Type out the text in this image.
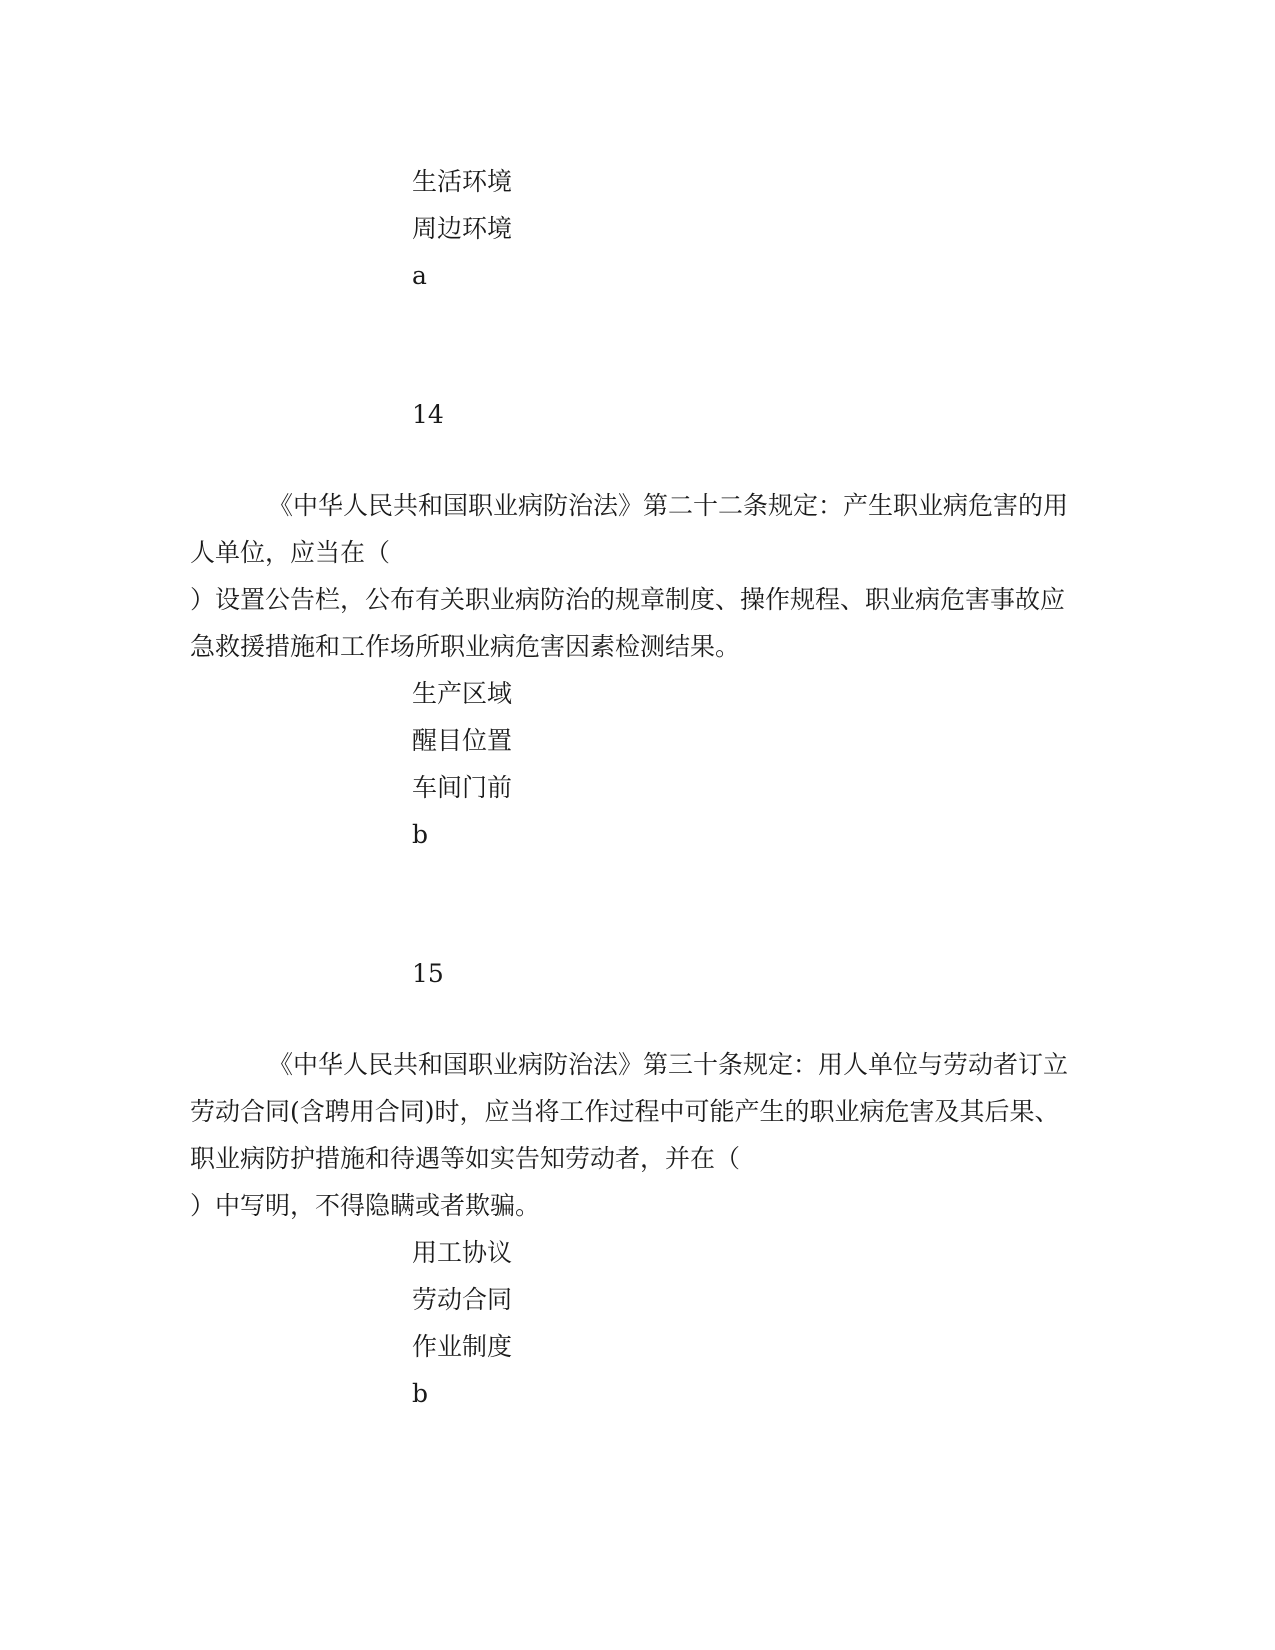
生活环境
周边环境
a
14
《中华人民共和国职业病防治法》第二十二条规定：产生职业病危害的用
人单位，应当在（
）设置公告栏，公布有关职业病防治的规章制度、操作规程、职业病危害事故应
急救援措施和工作场所职业病危害因素检测结果。
生产区域
醒目位置
车间门前
b
15
《中华人民共和国职业病防治法》第三十条规定：用人单位与劳动者订立
劳动合同(含聘用合同)时，应当将工作过程中可能产生的职业病危害及其后果、
职业病防护措施和待遇等如实告知劳动者，并在（
）中写明，不得隐瞒或者欺骗。
用工协议
劳动合同
作业制度
b
